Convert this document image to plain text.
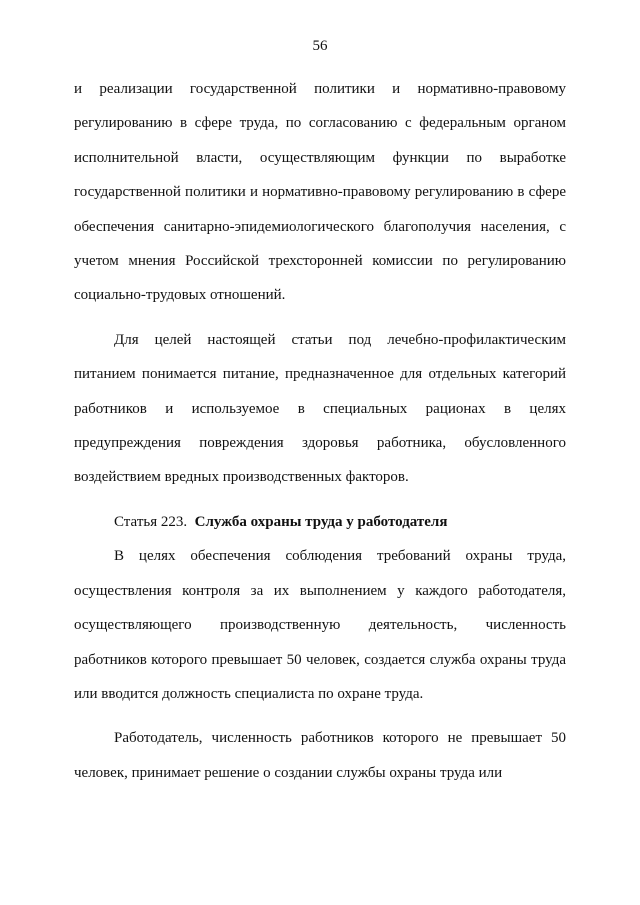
56

и реализации государственной политики и нормативно-правовому регулированию в сфере труда, по согласованию с федеральным органом исполнительной власти, осуществляющим функции по выработке государственной политики и нормативно-правовому регулированию в сфере обеспечения санитарно-эпидемиологического благополучия населения, с учетом мнения Российской трехсторонней комиссии по регулированию социально-трудовых отношений.

Для целей настоящей статьи под лечебно-профилактическим питанием понимается питание, предназначенное для отдельных категорий работников и используемое в специальных рационах в целях предупреждения повреждения здоровья работника, обусловленного воздействием вредных производственных факторов.

Статья 223. Служба охраны труда у работодателя

В целях обеспечения соблюдения требований охраны труда, осуществления контроля за их выполнением у каждого работодателя, осуществляющего производственную деятельность, численность работников которого превышает 50 человек, создается служба охраны труда или вводится должность специалиста по охране труда.

Работодатель, численность работников которого не превышает 50 человек, принимает решение о создании службы охраны труда или
